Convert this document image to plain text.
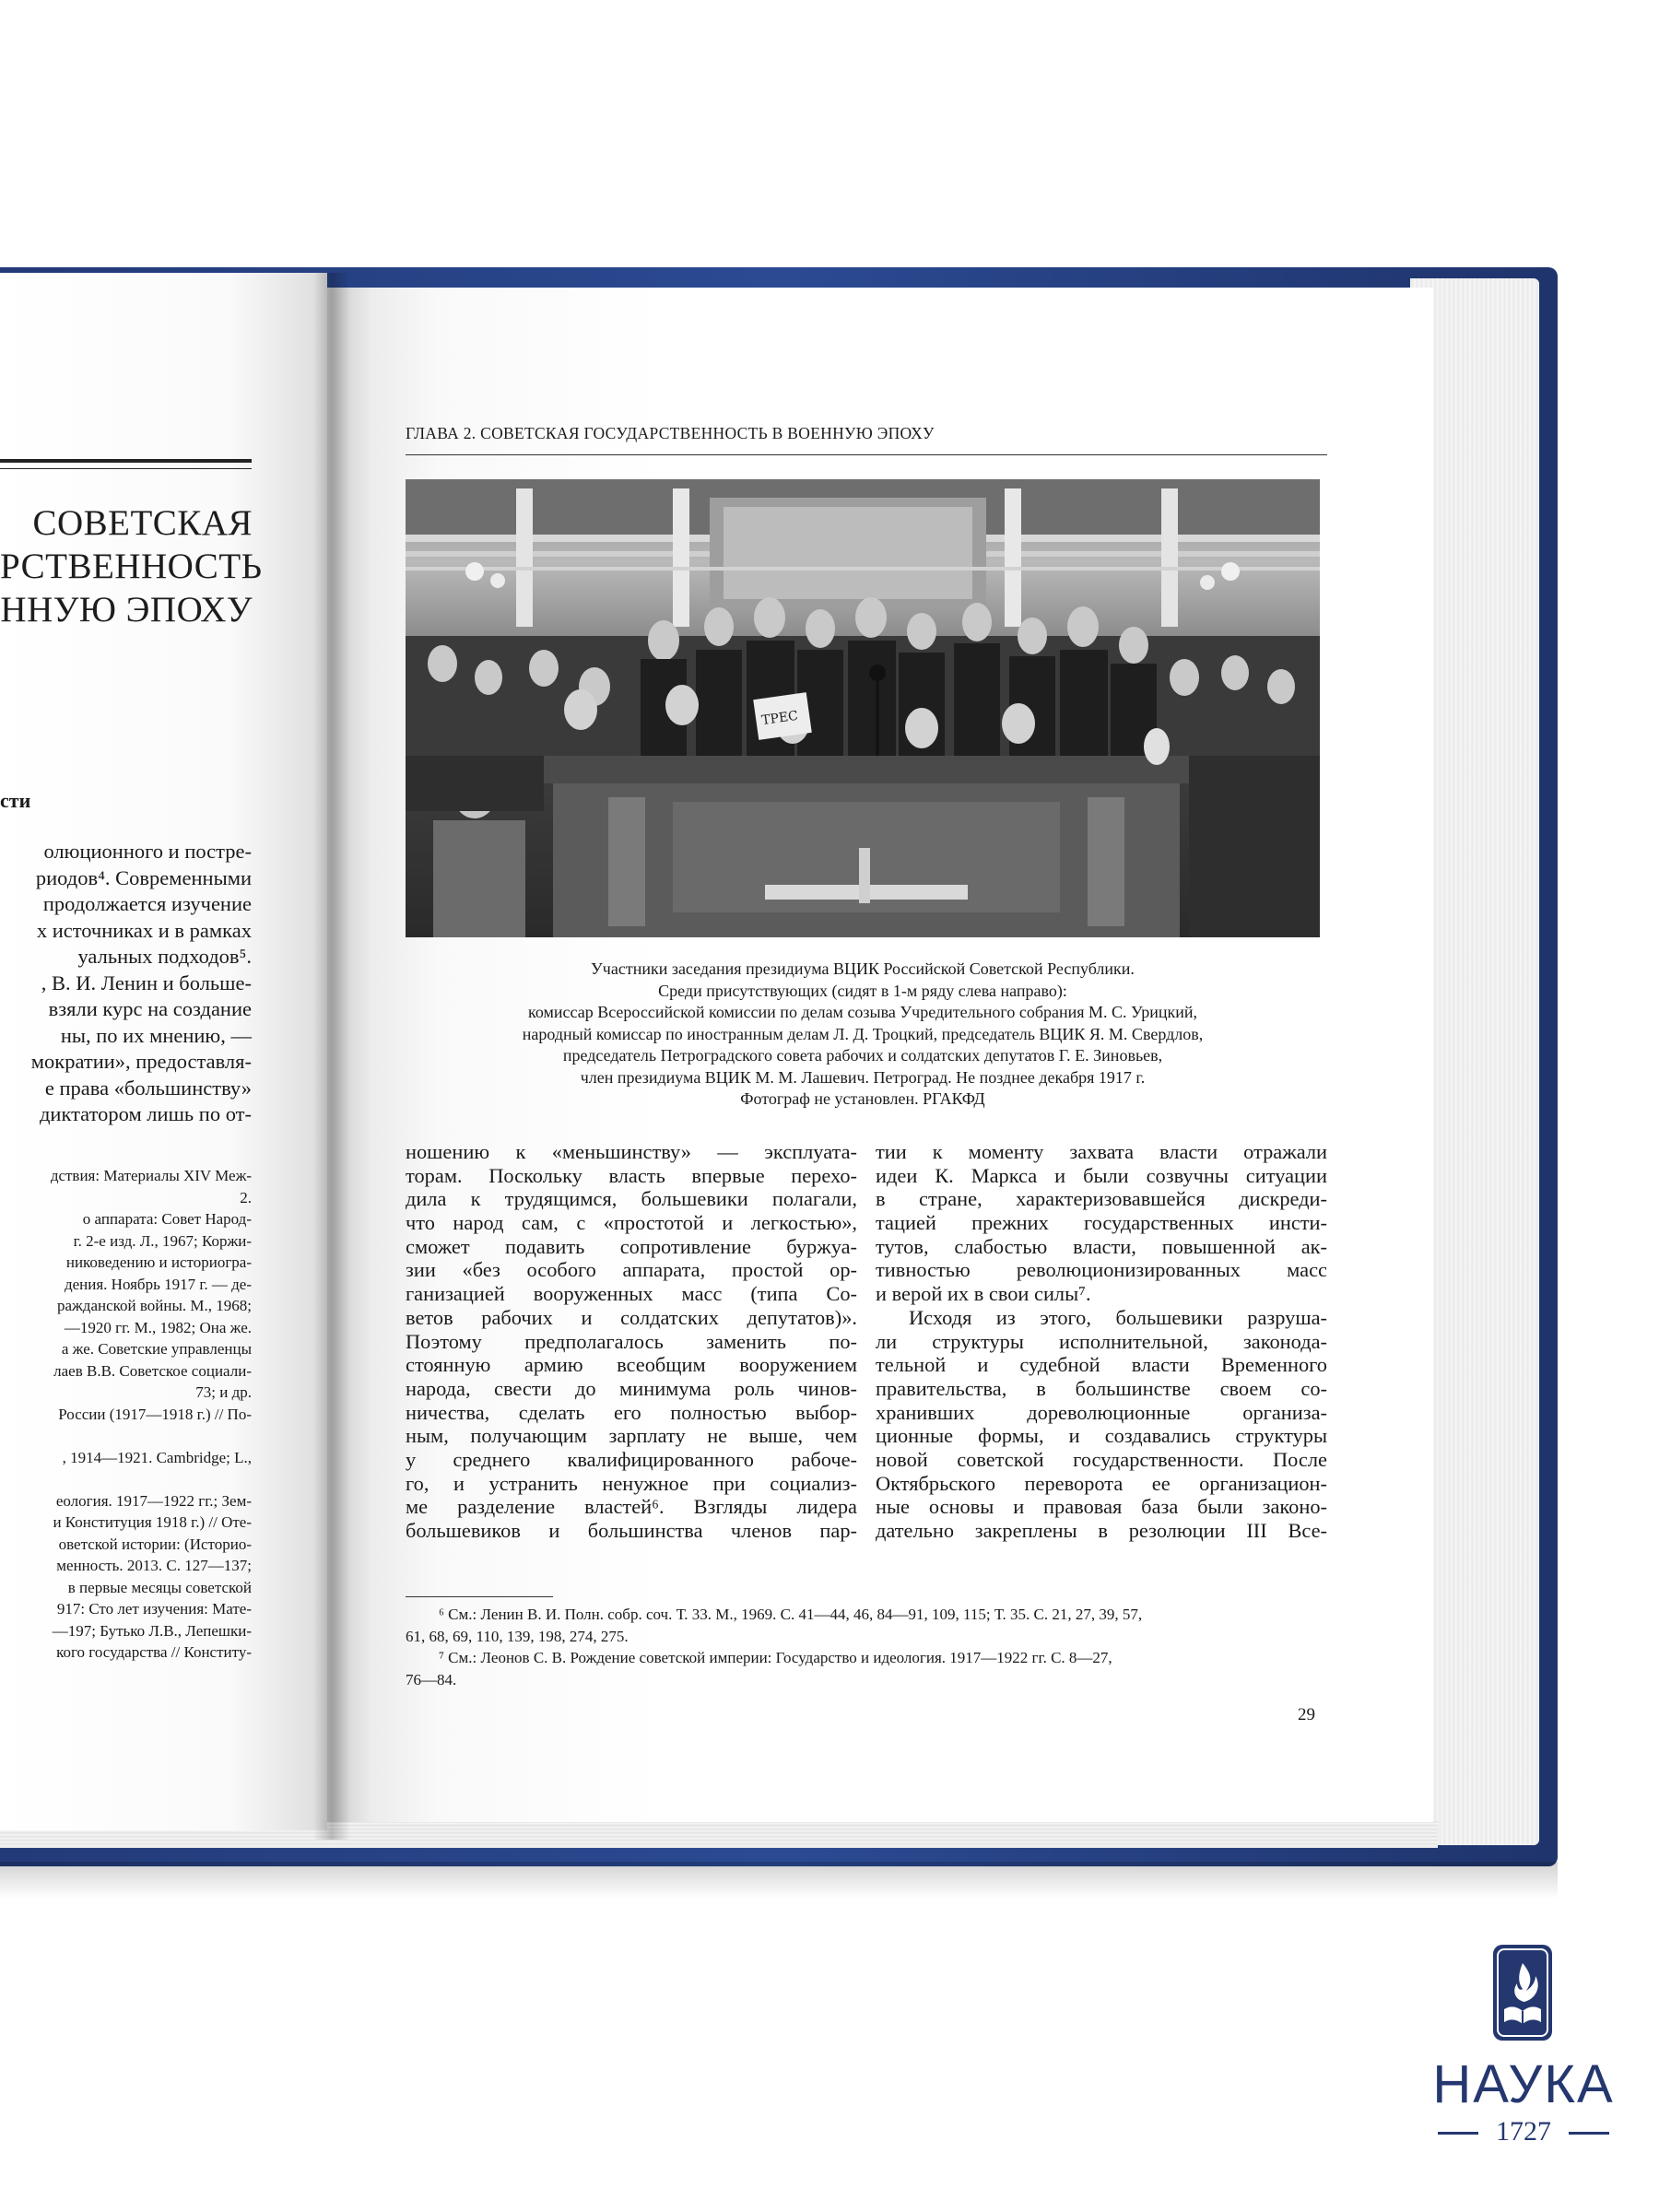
СОВЕТСКАЯ
РСТВЕННОСТЬ
ННУЮ ЭПОХУ
сти
олюционного и постре-
риодов⁴. Современными
продолжается изучение
х источниках и в рамках
уальных подходов⁵.
, В. И. Ленин и больше-
взяли курс на создание
ны, по их мнению, —
мократии», предоставля-
е права «большинству»
диктатором лишь по от-
дствия: Материалы XIV Меж-
2.
о аппарата: Совет Народ-
г. 2-е изд. Л., 1967; Коржи-
никоведению и историогра-
дения. Ноябрь 1917 г. — де-
ражданской войны. М., 1968;
—1920 гг. М., 1982; Она же.
а же. Советские управленцы
лаев В.В. Советское социали-
73; и др.
России (1917—1918 г.) // По-

, 1914—1921. Cambridge; L.,

еология. 1917—1922 гг.; Зем-
и Конституция 1918 г.) // Оте-
оветской истории: (Историо-
менность. 2013. С. 127—137;
в первые месяцы советской
917: Сто лет изучения: Мате-
—197; Бутько Л.В., Лепешки-
кого государства // Конститу-
ГЛАВА 2. СОВЕТСКАЯ ГОСУДАРСТВЕННОСТЬ В ВОЕННУЮ ЭПОХУ
ТРЕС
Участники заседания президиума ВЦИК Российской Советской Республики.
Среди присутствующих (сидят в 1-м ряду слева направо):
комиссар Всероссийской комиссии по делам созыва Учредительного собрания М. С. Урицкий,
народный комиссар по иностранным делам Л. Д. Троцкий, председатель ВЦИК Я. М. Свердлов,
председатель Петроградского совета рабочих и солдатских депутатов Г. Е. Зиновьев,
член президиума ВЦИК М. М. Лашевич. Петроград. Не позднее декабря 1917 г.
Фотограф не установлен. РГАКФД
ношению к «меньшинству» — эксплуата-
торам. Поскольку власть впервые перехо-
дила к трудящимся, большевики полагали,
что народ сам, с «простотой и легкостью»,
сможет подавить сопротивление буржуа-
зии «без особого аппарата, простой ор-
ганизацией вооруженных масс (типа Со-
ветов рабочих и солдатских депутатов)».
Поэтому предполагалось заменить по-
стоянную армию всеобщим вооружением
народа, свести до минимума роль чинов-
ничества, сделать его полностью выбор-
ным, получающим зарплату не выше, чем
у среднего квалифицированного рабоче-
го, и устранить ненужное при социализ-
ме разделение властей⁶. Взгляды лидера
большевиков и большинства членов пар-
тии к моменту захвата власти отражали
идеи К. Маркса и были созвучны ситуации
в стране, характеризовавшейся дискреди-
тацией прежних государственных инсти-
тутов, слабостью власти, повышенной ак-
тивностью революционизированных масс
и верой их в свои силы⁷.
Исходя из этого, большевики разруша-
ли структуры исполнительной, законода-
тельной и судебной власти Временного
правительства, в большинстве своем со-
хранивших дореволюционные организа-
ционные формы, и создавались структуры
новой советской государственности. После
Октябрьского переворота ее организацион-
ные основы и правовая база были законо-
дательно закреплены в резолюции III Все-
⁶ См.: Ленин В. И. Полн. собр. соч. Т. 33. М., 1969. С. 41—44, 46, 84—91, 109, 115; Т. 35. С. 21, 27, 39, 57,
61, 68, 69, 110, 139, 198, 274, 275.
⁷ См.: Леонов С. В. Рождение советской империи: Государство и идеология. 1917—1922 гг. С. 8—27,
76—84.
29
НАУКА
1727
